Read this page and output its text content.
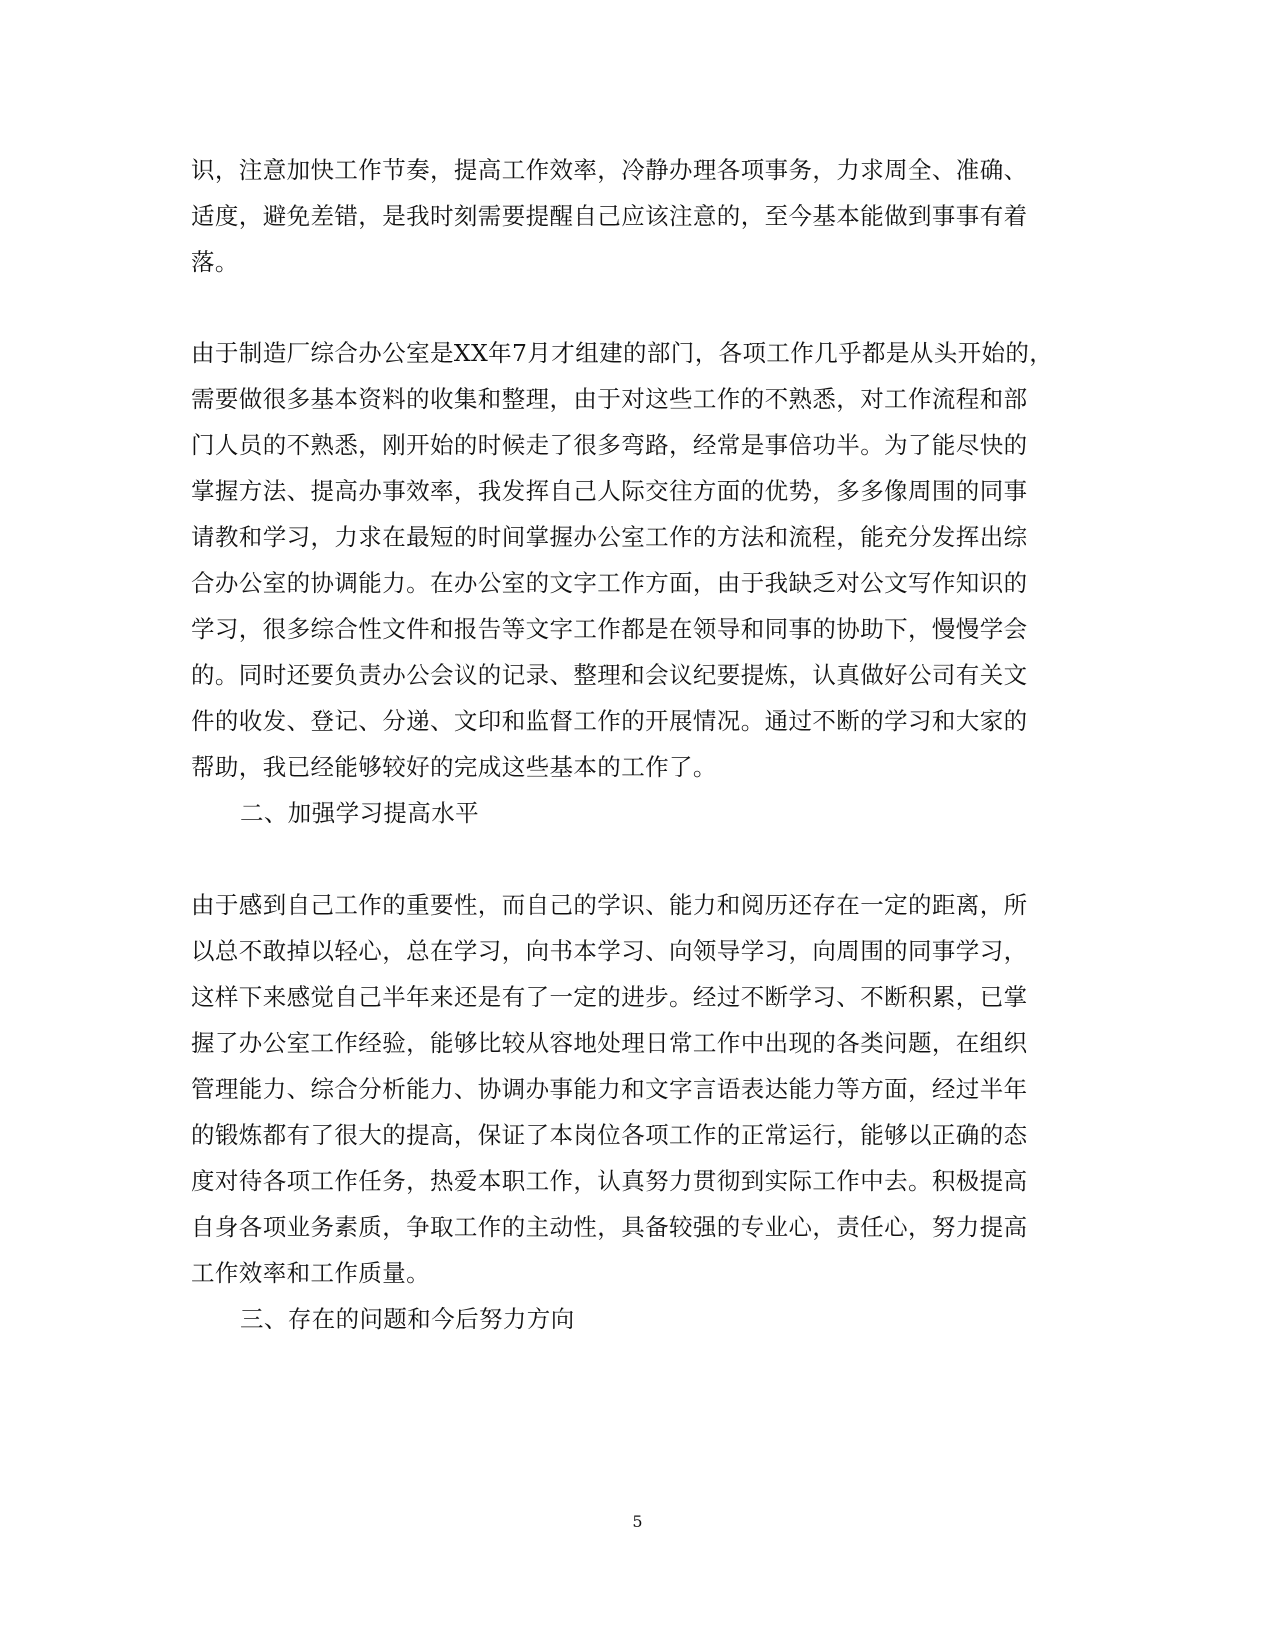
识，注意加快工作节奏，提高工作效率，冷静办理各项事务，力求周全、准确、
适度，避免差错，是我时刻需要提醒自己应该注意的，至今基本能做到事事有着
落。
由于制造厂综合办公室是XX年7月才组建的部门，各项工作几乎都是从头开始的，
需要做很多基本资料的收集和整理，由于对这些工作的不熟悉，对工作流程和部
门人员的不熟悉，刚开始的时候走了很多弯路，经常是事倍功半。为了能尽快的
掌握方法、提高办事效率，我发挥自己人际交往方面的优势，多多像周围的同事
请教和学习，力求在最短的时间掌握办公室工作的方法和流程，能充分发挥出综
合办公室的协调能力。在办公室的文字工作方面，由于我缺乏对公文写作知识的
学习，很多综合性文件和报告等文字工作都是在领导和同事的协助下，慢慢学会
的。同时还要负责办公会议的记录、整理和会议纪要提炼，认真做好公司有关文
件的收发、登记、分递、文印和监督工作的开展情况。通过不断的学习和大家的
帮助，我已经能够较好的完成这些基本的工作了。
二、加强学习提高水平
由于感到自己工作的重要性，而自己的学识、能力和阅历还存在一定的距离，所
以总不敢掉以轻心，总在学习，向书本学习、向领导学习，向周围的同事学习，
这样下来感觉自己半年来还是有了一定的进步。经过不断学习、不断积累，已掌
握了办公室工作经验，能够比较从容地处理日常工作中出现的各类问题，在组织
管理能力、综合分析能力、协调办事能力和文字言语表达能力等方面，经过半年
的锻炼都有了很大的提高，保证了本岗位各项工作的正常运行，能够以正确的态
度对待各项工作任务，热爱本职工作，认真努力贯彻到实际工作中去。积极提高
自身各项业务素质，争取工作的主动性，具备较强的专业心，责任心，努力提高
工作效率和工作质量。
三、存在的问题和今后努力方向
5
